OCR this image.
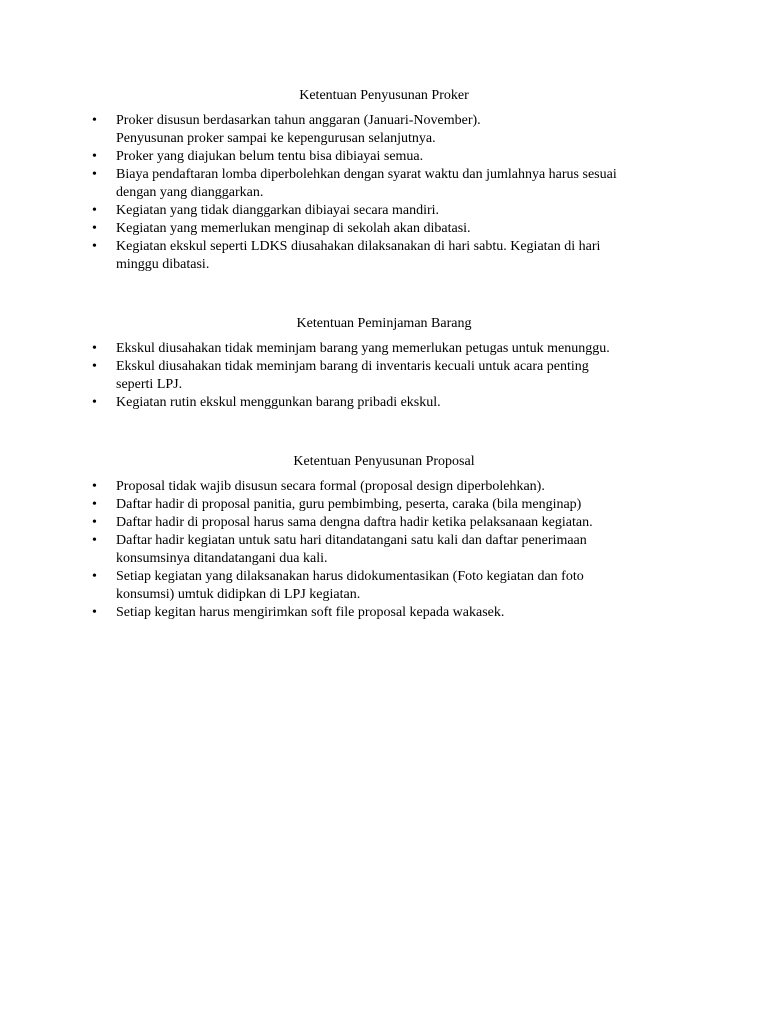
Ketentuan Penyusunan Proker
• Proker disusun berdasarkan tahun anggaran (Januari-November).
Penyusunan proker sampai ke kepengurusan selanjutnya.
• Proker yang diajukan belum tentu bisa dibiayai semua.
• Biaya pendaftaran lomba diperbolehkan dengan syarat waktu dan jumlahnya harus sesuai
dengan yang dianggarkan.
• Kegiatan yang tidak dianggarkan dibiayai secara mandiri.
• Kegiatan yang memerlukan menginap di sekolah akan dibatasi.
• Kegiatan ekskul seperti LDKS diusahakan dilaksanakan di hari sabtu. Kegiatan di hari
minggu dibatasi.
Ketentuan Peminjaman Barang
• Ekskul diusahakan tidak meminjam barang yang memerlukan petugas untuk menunggu.
• Ekskul diusahakan tidak meminjam barang di inventaris kecuali untuk acara penting
seperti LPJ.
• Kegiatan rutin ekskul menggunkan barang pribadi ekskul.
Ketentuan Penyusunan Proposal
• Proposal tidak wajib disusun secara formal (proposal design diperbolehkan).
• Daftar hadir di proposal panitia, guru pembimbing, peserta, caraka (bila menginap)
• Daftar hadir di proposal harus sama dengna daftra hadir ketika pelaksanaan kegiatan.
• Daftar hadir kegiatan untuk satu hari ditandatangani satu kali dan daftar penerimaan
konsumsinya ditandatangani dua kali.
• Setiap kegiatan yang dilaksanakan harus didokumentasikan (Foto kegiatan dan foto
konsumsi) umtuk didipkan di LPJ kegiatan.
• Setiap kegitan harus mengirimkan soft file proposal kepada wakasek.
